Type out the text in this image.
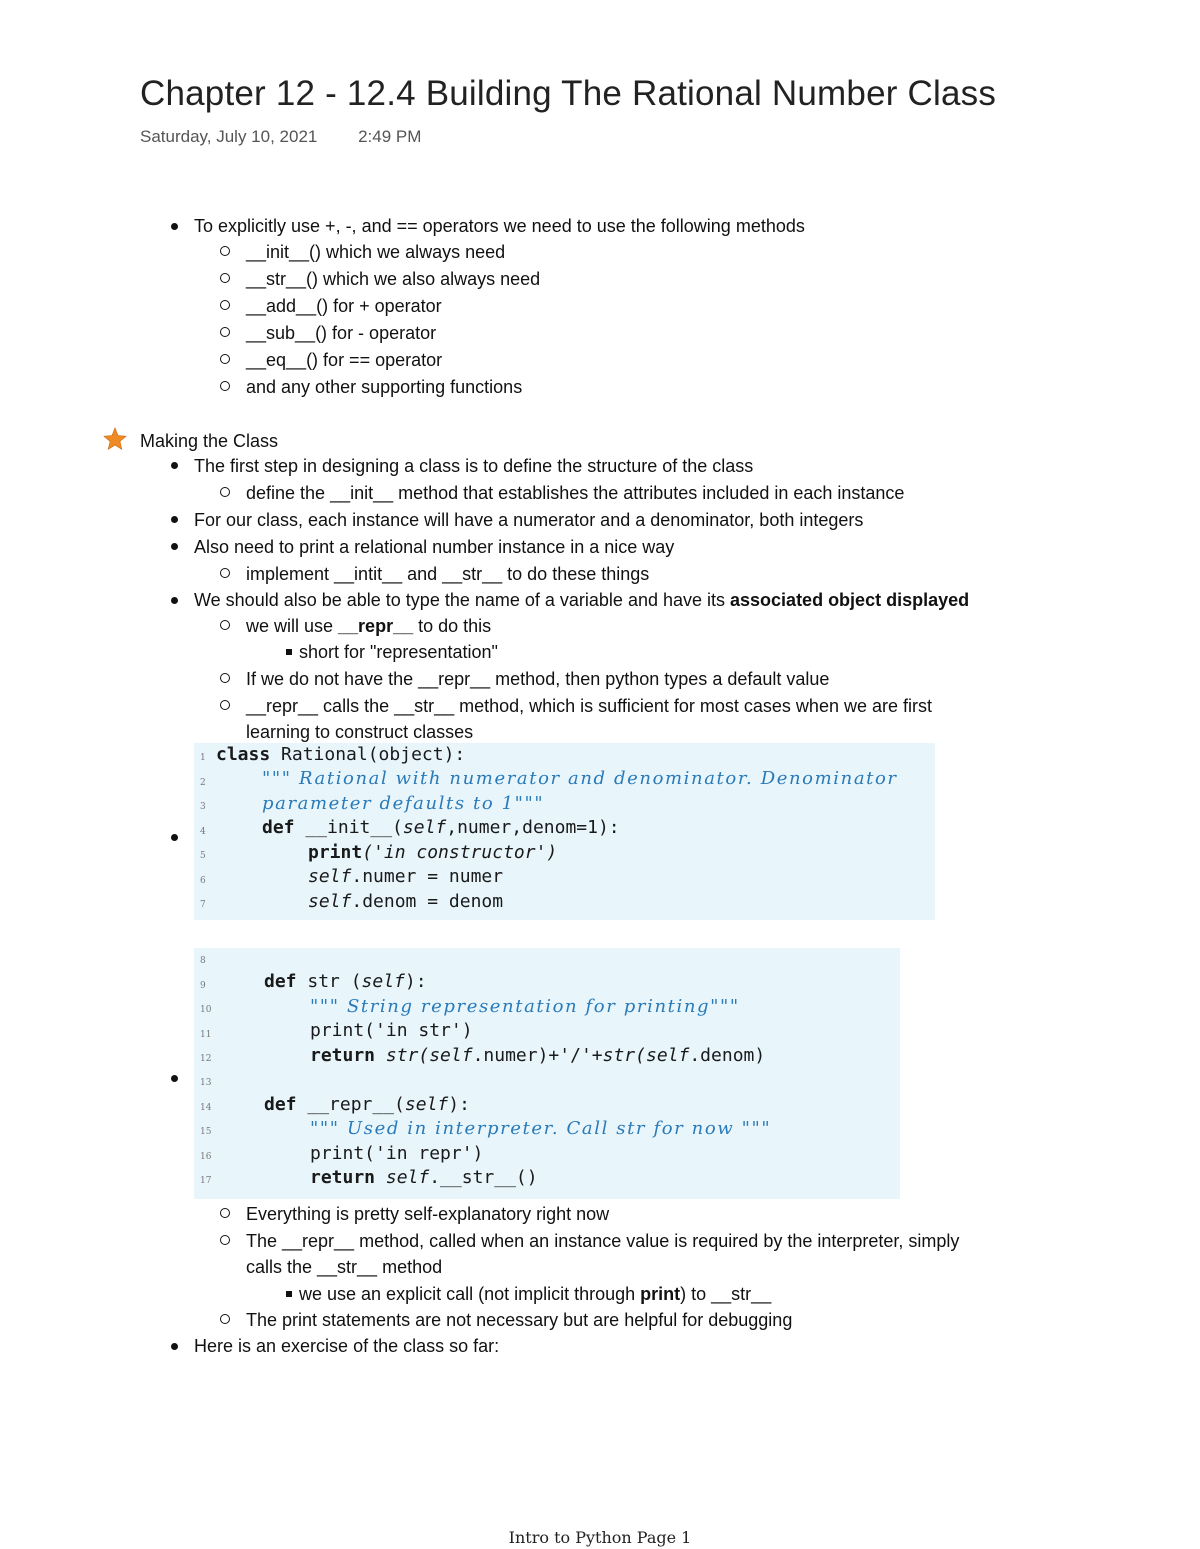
Chapter 12 - 12.4 Building The Rational Number Class
Saturday, July 10, 2021 2:49 PM
To explicitly use +, -, and == operators we need to use the following methods
__init__() which we always need
__str__() which we also always need
__add__() for + operator
__sub__() for - operator
__eq__() for == operator
and any other supporting functions
Making the Class
The first step in designing a class is to define the structure of the class
define the __init__ method that establishes the attributes included in each instance
For our class, each instance will have a numerator and a denominator, both integers
Also need to print a relational number instance in a nice way
implement __intit__ and __str__ to do these things
We should also be able to type the name of a variable and have its associated object displayed
we will use __repr__ to do this
short for "representation"
If we do not have the __repr__ method, then python types a default value
__repr__ calls the __str__ method, which is sufficient for most cases when we are first
learning to construct classes
1
2
3
4
5
6
7
class Rational(object):
""" Rational with numerator and denominator. Denominator
parameter defaults to 1"""
def __init__(self,numer,denom=1):
print('in constructor')
self.numer = numer
self.denom = denom
8
9
10
11
12
13
14
15
16
17
def str (self):
""" String representation for printing"""
print('in str')
return str(self.numer)+'/'+str(self.denom)
def __repr__(self):
""" Used in interpreter. Call str for now """
print('in repr')
return self.__str__()
Everything is pretty self-explanatory right now
The __repr__ method, called when an instance value is required by the interpreter, simply
calls the __str__ method
we use an explicit call (not implicit through print) to __str__
The print statements are not necessary but are helpful for debugging
Here is an exercise of the class so far:
Intro to Python Page 1
